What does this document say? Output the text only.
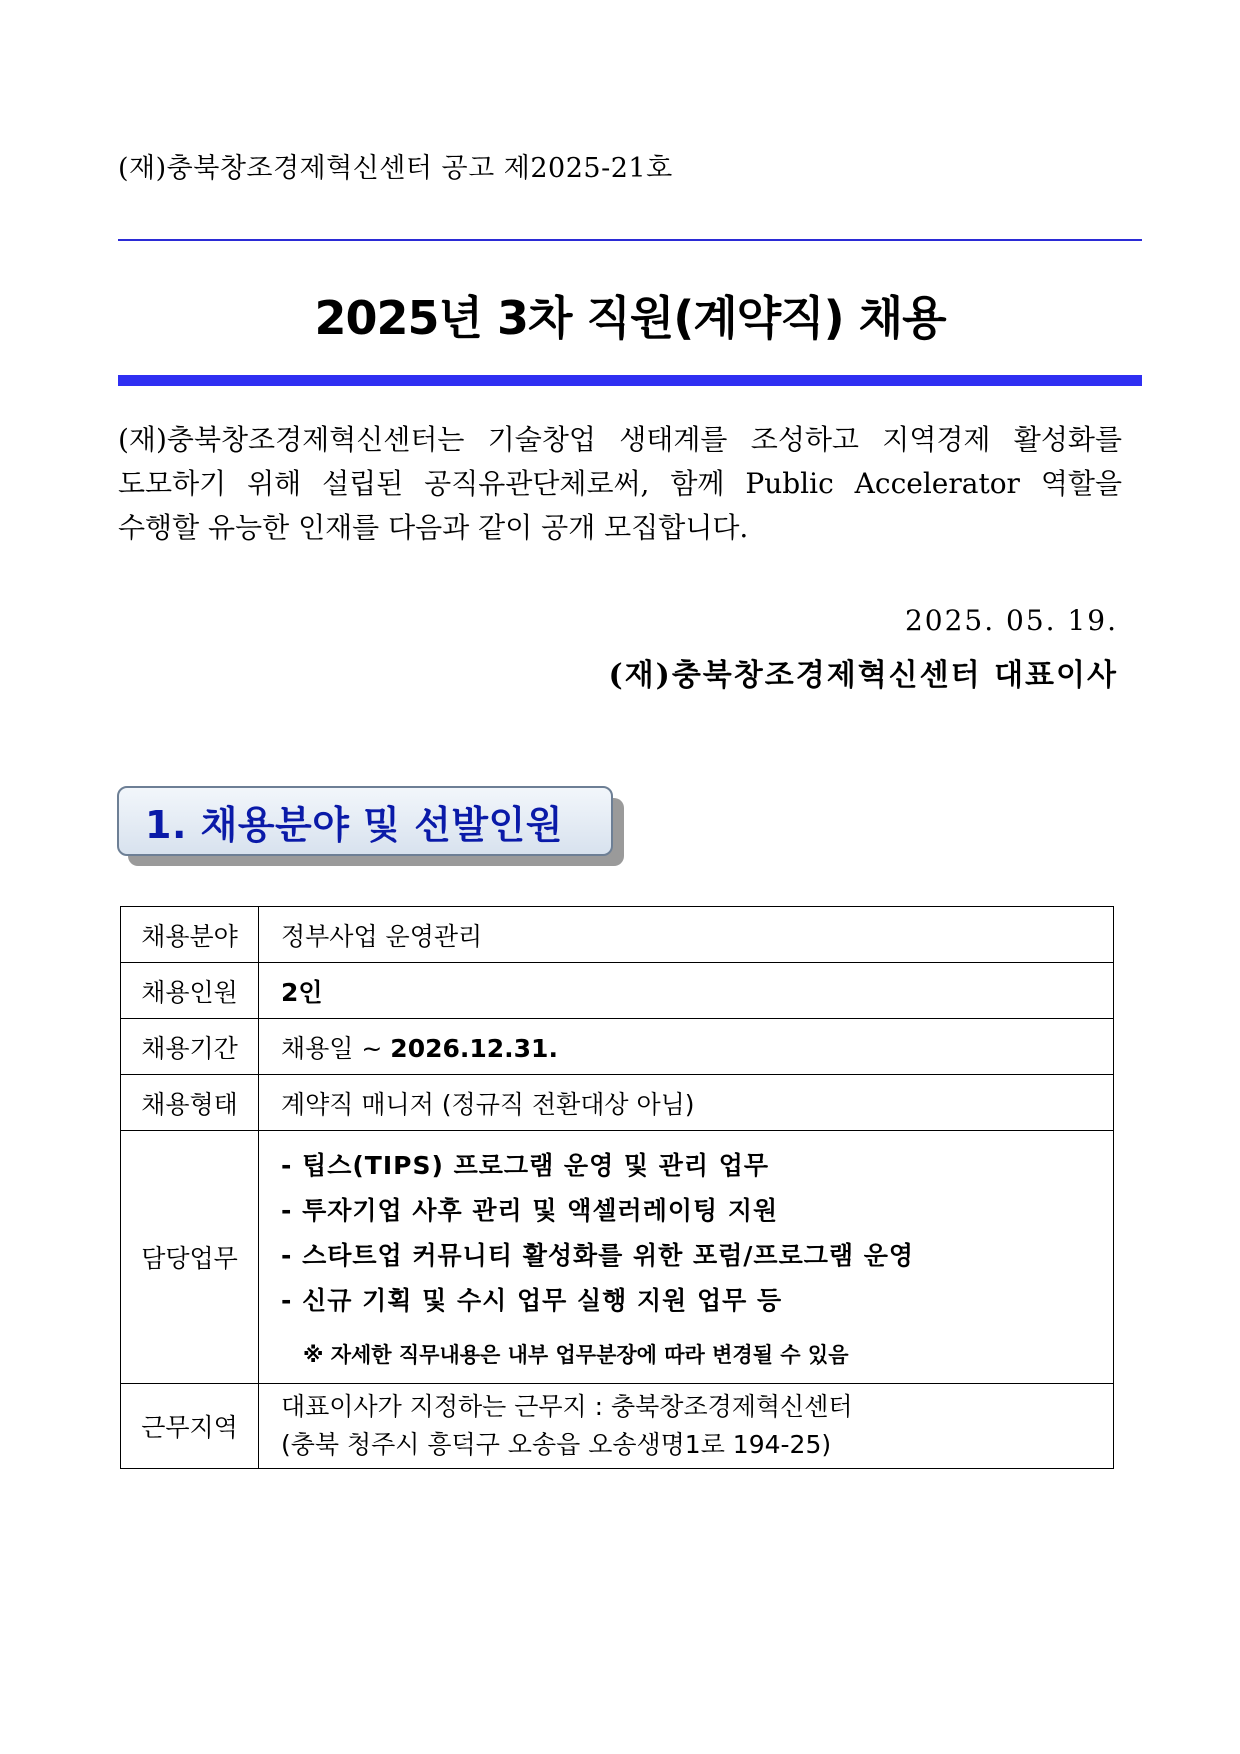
(재)충북창조경제혁신센터 공고 제2025-21호
2025년 3차 직원(계약직) 채용
(재)충북창조경제혁신센터는 기술창업 생태계를 조성하고 지역경제 활성화를
도모하기 위해 설립된 공직유관단체로써, 함께 Public Accelerator 역할을
수행할 유능한 인재를 다음과 같이 공개 모집합니다.
2025. 05. 19.
(재)충북창조경제혁신센터 대표이사
1. 채용분야 및 선발인원
채용분야	정부사업 운영관리
채용인원	2인
채용기간	채용일 ~ 2026.12.31.
채용형태	계약직 매니저 (정규직 전환대상 아님)
담당업무	- 팁스(TIPS) 프로그램 운영 및 관리 업무
- 투자기업 사후 관리 및 액셀러레이팅 지원
- 스타트업 커뮤니티 활성화를 위한 포럼/프로그램 운영
- 신규 기획 및 수시 업무 실행 지원 업무 등
※ 자세한 직무내용은 내부 업무분장에 따라 변경될 수 있음

근무지역	대표이사가 지정하는 근무지 : 충북창조경제혁신센터
(충북 청주시 흥덕구 오송읍 오송생명1로 194-25)
